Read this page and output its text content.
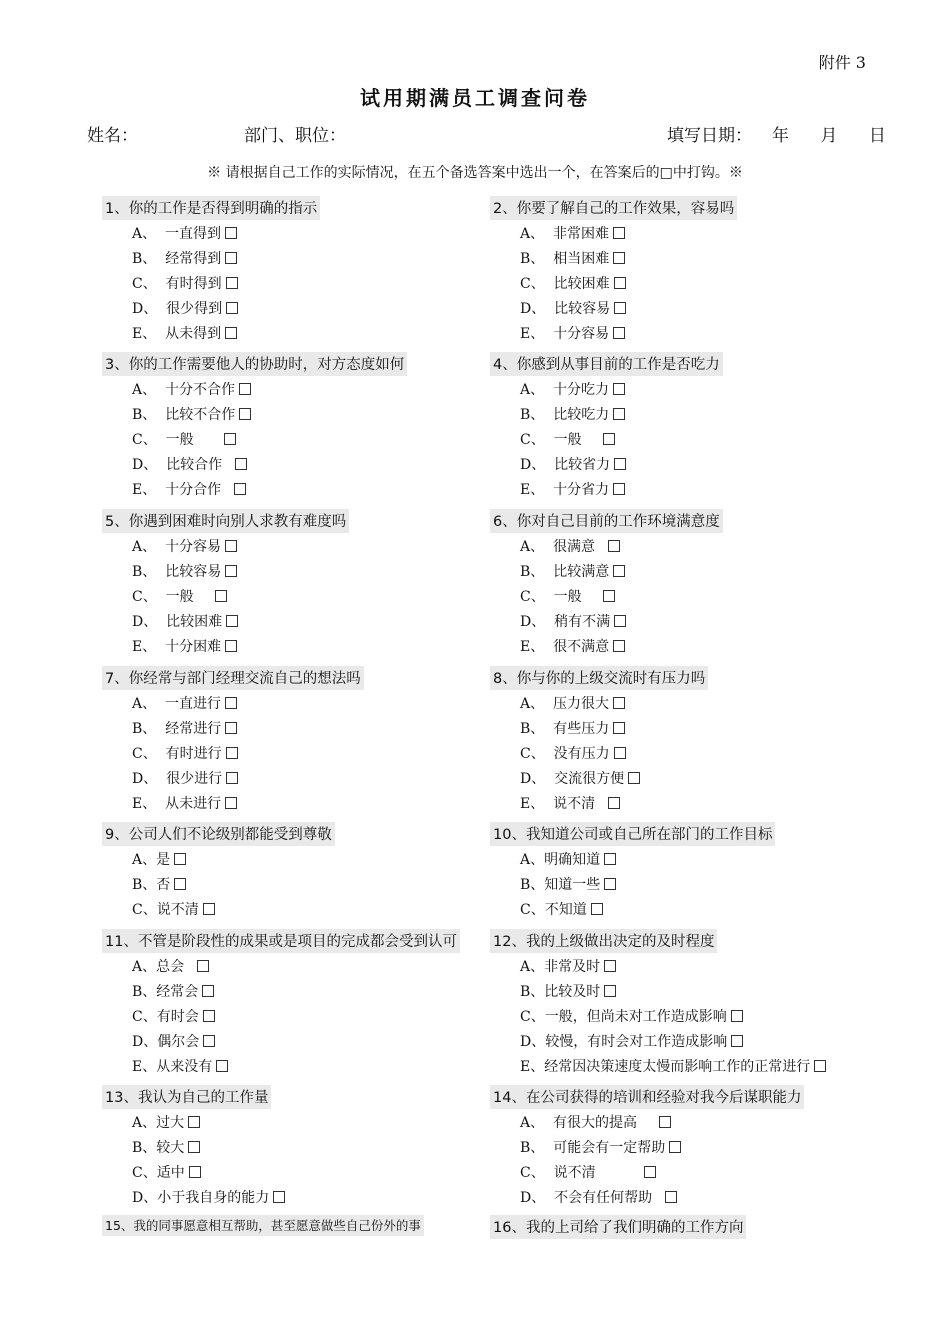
附件 3
试用期满员工调查问卷
姓名：	部门、职位：	填写日期： 年 月 日
※ 请根据自己工作的实际情况，在五个备选答案中选出一个，在答案后的□中打钩。※
1、你的工作是否得到明确的指示
A、  一直得到
B、  经常得到
C、  有时得到
D、  很少得到
E、  从未得到
2、你要了解自己的工作效果，容易吗
A、  非常困难
B、  相当困难
C、  比较困难
D、  比较容易
E、  十分容易
3、你的工作需要他人的协助时，对方态度如何
A、  十分不合作
B、  比较不合作
C、  一般
D、  比较合作
E、  十分合作
4、你感到从事目前的工作是否吃力
A、  十分吃力
B、  比较吃力
C、  一般
D、  比较省力
E、  十分省力
5、你遇到困难时向别人求教有难度吗
A、  十分容易
B、  比较容易
C、  一般
D、  比较困难
E、  十分困难
6、你对自己目前的工作环境满意度
A、  很满意
B、  比较满意
C、  一般
D、  稍有不满
E、  很不满意
7、你经常与部门经理交流自己的想法吗
A、  一直进行
B、  经常进行
C、  有时进行
D、  很少进行
E、  从未进行
8、你与你的上级交流时有压力吗
A、  压力很大
B、  有些压力
C、  没有压力
D、  交流很方便
E、  说不清
9、公司人们不论级别都能受到尊敬
A、是
B、否
C、说不清
10、我知道公司或自己所在部门的工作目标
A、明确知道
B、知道一些
C、不知道
11、不管是阶段性的成果或是项目的完成都会受到认可
A、总会
B、经常会
C、有时会
D、偶尔会
E、从来没有
12、我的上级做出决定的及时程度
A、非常及时
B、比较及时
C、一般，但尚未对工作造成影响
D、较慢，有时会对工作造成影响
E、经常因决策速度太慢而影响工作的正常进行
13、我认为自己的工作量
A、过大
B、较大
C、适中
D、小于我自身的能力
14、在公司获得的培训和经验对我今后谋职能力
A、  有很大的提高
B、  可能会有一定帮助
C、  说不清
D、  不会有任何帮助
15、我的同事愿意相互帮助，甚至愿意做些自己份外的事	16、我的上司给了我们明确的工作方向
